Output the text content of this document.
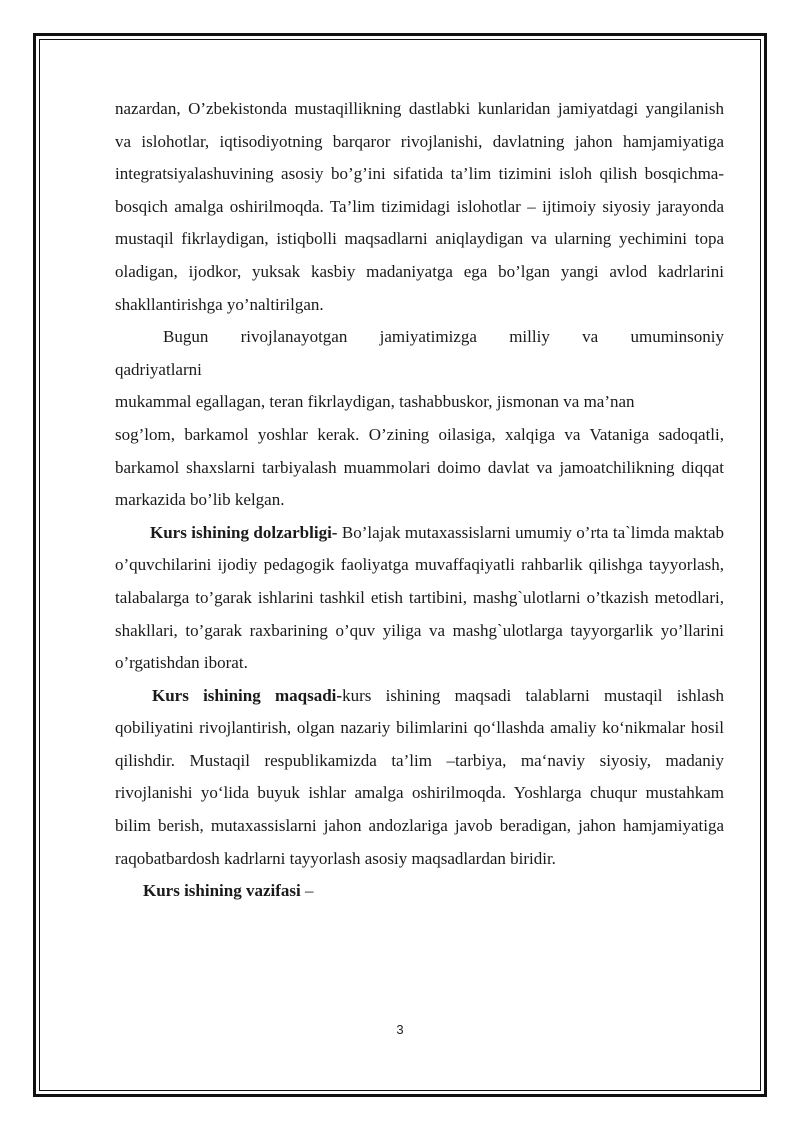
nazardan, O’zbekistonda mustaqillikning dastlabki kunlaridan jamiyatdagi yangilanish va islohotlar, iqtisodiyotning barqaror rivojlanishi, davlatning jahon hamjamiyatiga integratsiyalashuvining asosiy bo’g’ini sifatida ta’lim tizimini isloh qilish bosqichma-bosqich amalga oshirilmoqda. Ta’lim tizimidagi islohotlar – ijtimoiy siyosiy jarayonda mustaqil fikrlaydigan, istiqbolli maqsadlarni aniqlaydigan va ularning yechimini topa oladigan, ijodkor, yuksak kasbiy madaniyatga ega bo’lgan yangi avlod kadrlarini shakllantirishga yo’naltirilgan.

Bugun rivojlanayotgan jamiyatimizga milliy va umuminsoniy

qadriyatlarni

mukammal egallagan, teran fikrlaydigan, tashabbuskor, jismonan va ma’nan

sog’lom, barkamol yoshlar kerak. O’zining oilasiga, xalqiga va Vataniga sadoqatli, barkamol shaxslarni tarbiyalash muammolari doimo davlat va jamoatchilikning diqqat markazida bo’lib kelgan.

Kurs ishining dolzarbligi- Bo’lajak mutaxassislarni umumiy o’rta ta`limda maktab o’quvchilarini ijodiy pedagogik faoliyatga muvaffaqiyatli rahbarlik qilishga tayyorlash, talabalarga to’garak ishlarini tashkil etish tartibini, mashg`ulotlarni o’tkazish metodlari, shakllari, to’garak raxbarining o’quv yiliga va mashg`ulotlarga tayyorgarlik yo’llarini o’rgatishdan iborat.

Kurs ishining maqsadi-kurs ishining maqsadi talablarni mustaqil ishlash qobiliyatini rivojlantirish, olgan nazariy bilimlarini qo‘llashda amaliy ko‘nikmalar hosil qilishdir. Mustaqil respublikamizda ta’lim –tarbiya, ma‘naviy siyosiy, madaniy rivojlanishi yo‘lida buyuk ishlar amalga oshirilmoqda. Yoshlarga chuqur mustahkam bilim berish, mutaxassislarni jahon andozlariga javob beradigan, jahon hamjamiyatiga raqobatbardosh kadrlarni tayyorlash asosiy maqsadlardan biridir.

Kurs ishining vazifasi –

3
